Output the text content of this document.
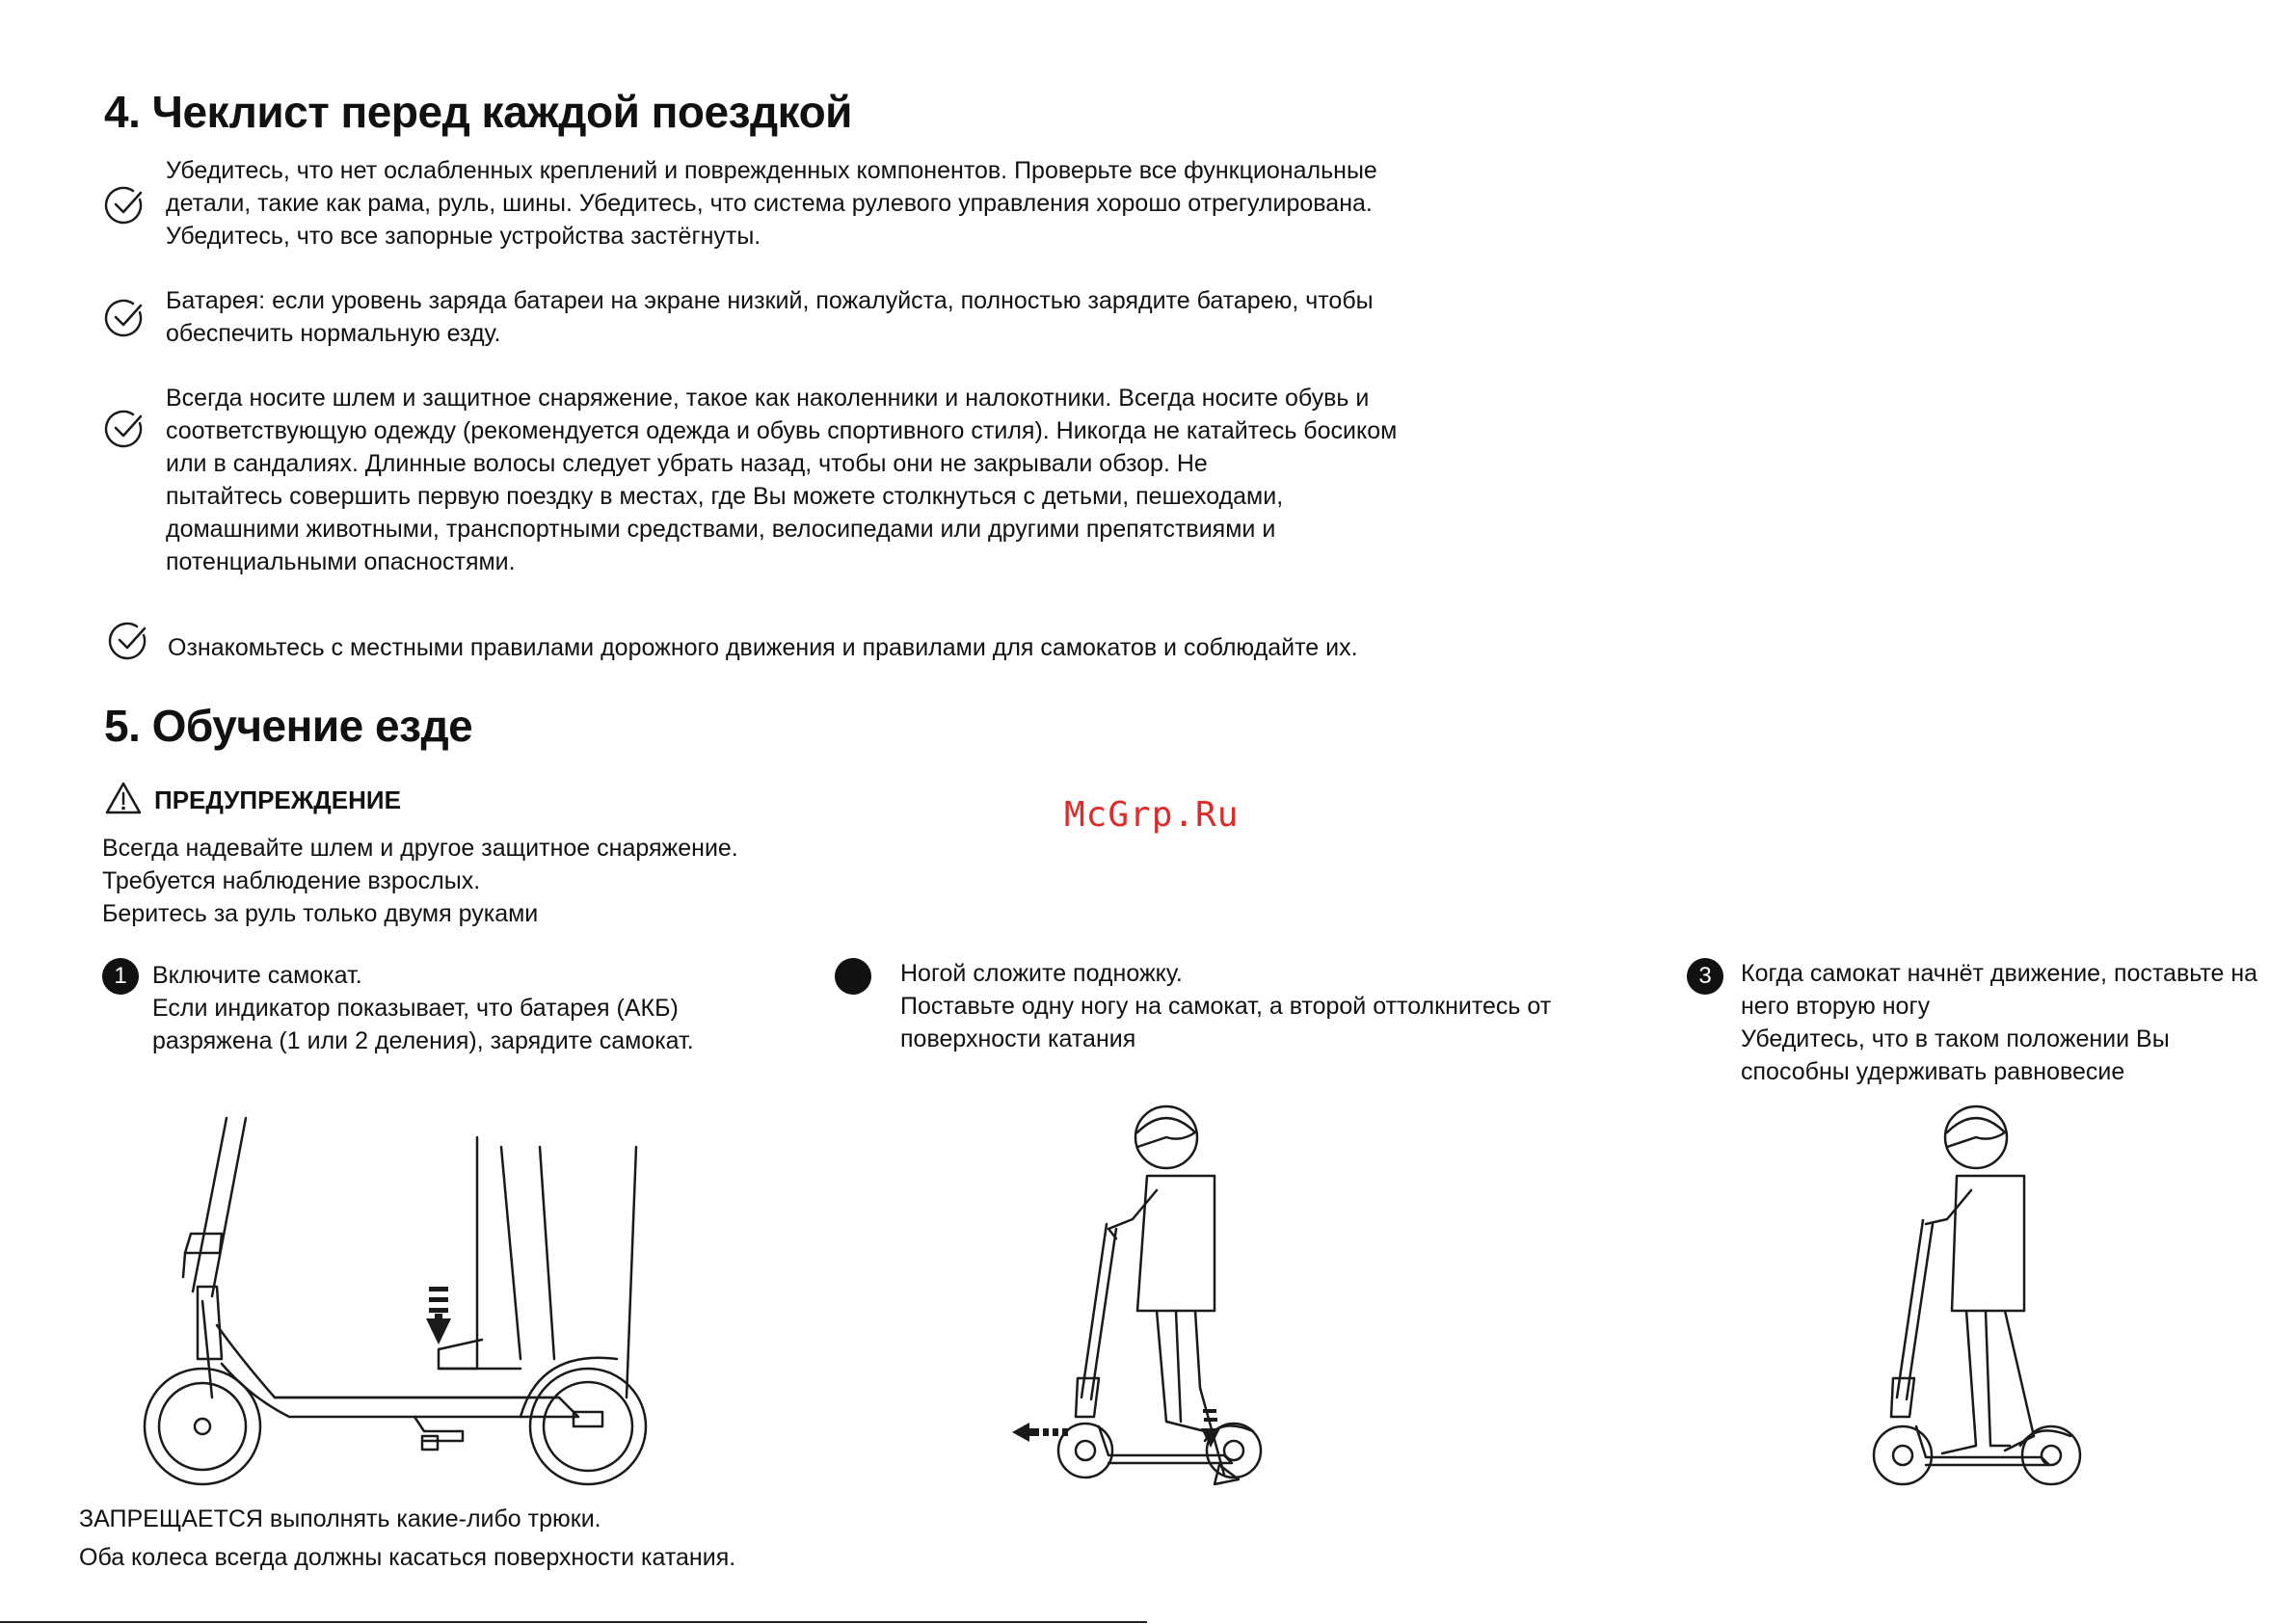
4. Чеклист перед каждой поездкой
Убедитесь, что нет ослабленных креплений и поврежденных компонентов. Проверьте все функциональные
детали, такие как рама, руль, шины. Убедитесь, что система рулевого управления хорошо отрегулирована.
Убедитесь, что все запорные устройства застёгнуты.
Батарея: если уровень заряда батареи на экране низкий, пожалуйста, полностью зарядите батарею, чтобы
обеспечить нормальную езду.
Всегда носите шлем и защитное снаряжение, такое как наколенники и налокотники. Всегда носите обувь и
соответствующую одежду (рекомендуется одежда и обувь спортивного стиля). Никогда не катайтесь босиком
или в сандалиях. Длинные волосы следует убрать назад, чтобы они не закрывали обзор. Не
пытайтесь совершить первую поездку в местах, где Вы можете столкнуться с детьми, пешеходами,
домашними животными, транспортными средствами, велосипедами или другими препятствиями и
потенциальными опасностями.
Ознакомьтесь с местными правилами дорожного движения и правилами для самокатов и соблюдайте их.
5. Обучение езде
ПРЕДУПРЕЖДЕНИЕ
Всегда надевайте шлем и другое защитное снаряжение.
Требуется наблюдение взрослых.
Беритесь за руль только двумя руками
McGrp.Ru
1	Включите самокат.
Если индикатор показывает, что батарея (АКБ)
разряжена (1 или 2 деления), зарядите самокат.
Ногой сложите подножку.
Поставьте одну ногу на самокат, а второй оттолкнитесь от
поверхности катания
3	Когда самокат начнёт движение, поставьте на
него вторую ногу
Убедитесь, что в таком положении Вы
способны удерживать равновесие
ЗАПРЕЩАЕТСЯ выполнять какие-либо трюки.
Оба колеса всегда должны касаться поверхности катания.
